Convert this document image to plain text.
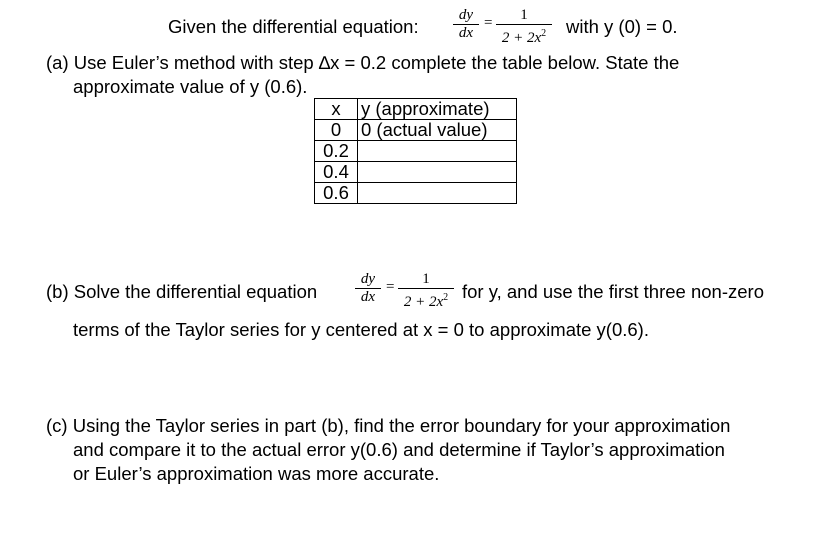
Given the differential equation:
dy
dx
=	1
$2 + 2x^2$	with y (0) = 0.
(a) Use Euler’s method with step ∆x = 0.2 complete the table below. State the
approximate value of y (0.6).
x	y (approximate)
0	0 (actual value)
0.2	
0.4	
0.6	
(b) Solve the differential equation
dy
dx
=	1
$2 + 2x^2$ for y, and use the first three non-zero
terms of the Taylor series for y centered at x = 0 to approximate y(0.6).
(c) Using the Taylor series in part (b), find the error boundary for your approximation
and compare it to the actual error y(0.6) and determine if Taylor’s approximation
or Euler’s approximation was more accurate.
